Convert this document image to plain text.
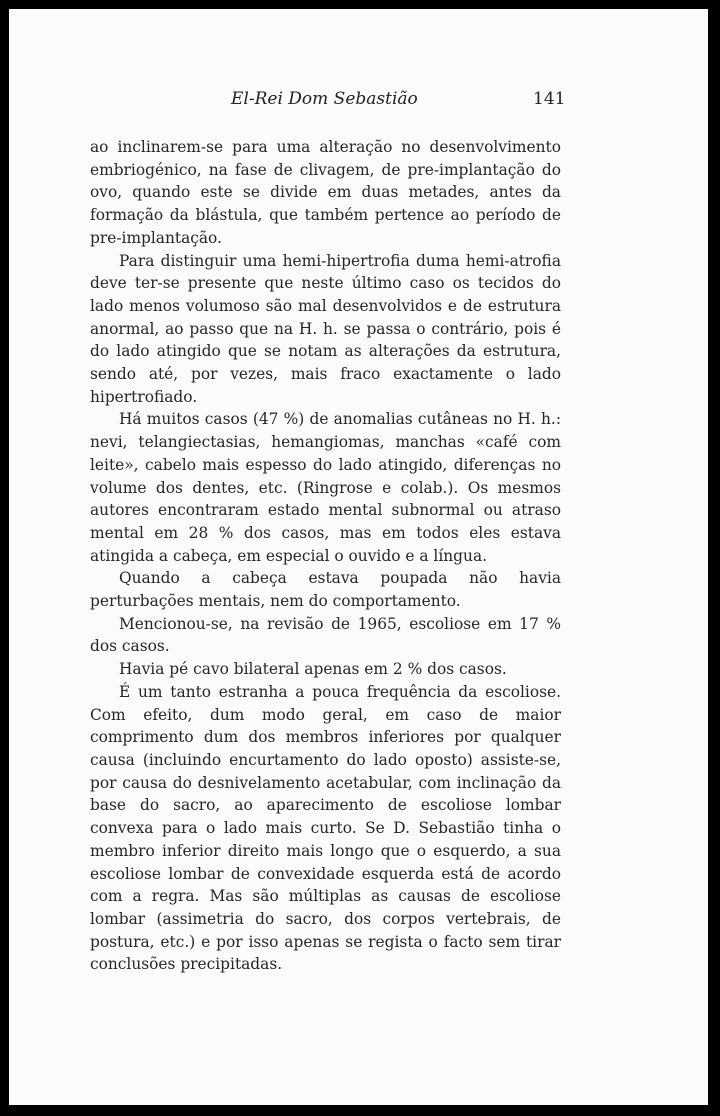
El-Rei Dom Sebastião	141

ao inclinarem-se para uma alteração no desenvolvimento embriogénico, na fase de clivagem, de pre-implantação do ovo, quando este se divide em duas metades, antes da formação da blástula, que também pertence ao período de pre-implantação.

Para distinguir uma hemi-hipertrofia duma hemi-atrofia deve ter-se presente que neste último caso os tecidos do lado menos volumoso são mal desenvolvidos e de estrutura anormal, ao passo que na H. h. se passa o contrário, pois é do lado atingido que se notam as alterações da estrutura, sendo até, por vezes, mais fraco exactamente o lado hipertrofiado.

Há muitos casos (47 %) de anomalias cutâneas no H. h.: nevi, telangiectasias, hemangiomas, manchas «café com leite», cabelo mais espesso do lado atingido, diferenças no volume dos dentes, etc. (Ringrose e colab.). Os mesmos autores encontraram estado mental subnormal ou atraso mental em 28 % dos casos, mas em todos eles estava atingida a cabeça, em especial o ouvido e a língua.

Quando a cabeça estava poupada não havia perturbações mentais, nem do comportamento.

Mencionou-se, na revisão de 1965, escoliose em 17 % dos casos.

Havia pé cavo bilateral apenas em 2 % dos casos.

É um tanto estranha a pouca frequência da escoliose. Com efeito, dum modo geral, em caso de maior comprimento dum dos membros inferiores por qualquer causa (incluindo encurtamento do lado oposto) assiste-se, por causa do desnivelamento acetabular, com inclinação da base do sacro, ao aparecimento de escoliose lombar convexa para o lado mais curto. Se D. Sebastião tinha o membro inferior direito mais longo que o esquerdo, a sua escoliose lombar de convexidade esquerda está de acordo com a regra. Mas são múltiplas as causas de escoliose lombar (assimetria do sacro, dos corpos vertebrais, de postura, etc.) e por isso apenas se regista o facto sem tirar conclusões precipitadas.
